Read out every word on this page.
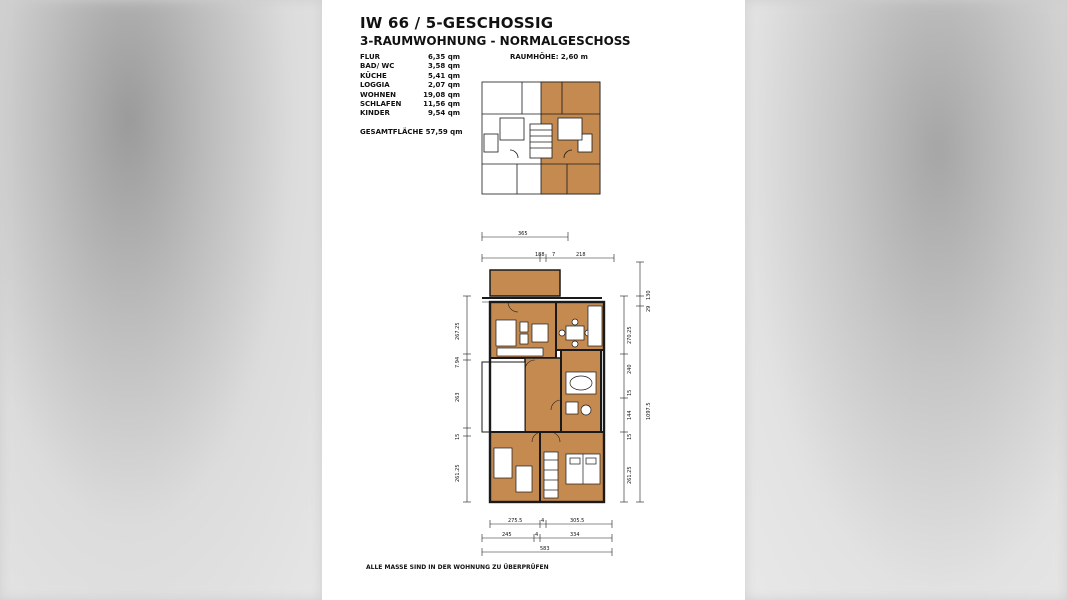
IW 66 / 5-GESCHOSSIG
3-RAUMWOHNUNG - NORMALGESCHOSS
FLUR	6,35 qm
BAD/ WC	3,58 qm
KÜCHE	5,41 qm
LOGGIA	2,07 qm
WOHNEN	19,08 qm
SCHLAFEN	11,56 qm
KINDER	9,54 qm
GESAMTFLÄCHE 57,59 qm
RAUMHÖHE: 2,60 m
365
188 7	218
267.25
7.94
263
15
261.25
130
29
270.25
240
15
144
15
261.25
1097.5
275.5	4	305.5
245	4	334
583
ALLE MASSE SIND IN DER WOHNUNG ZU ÜBERPRÜFEN
